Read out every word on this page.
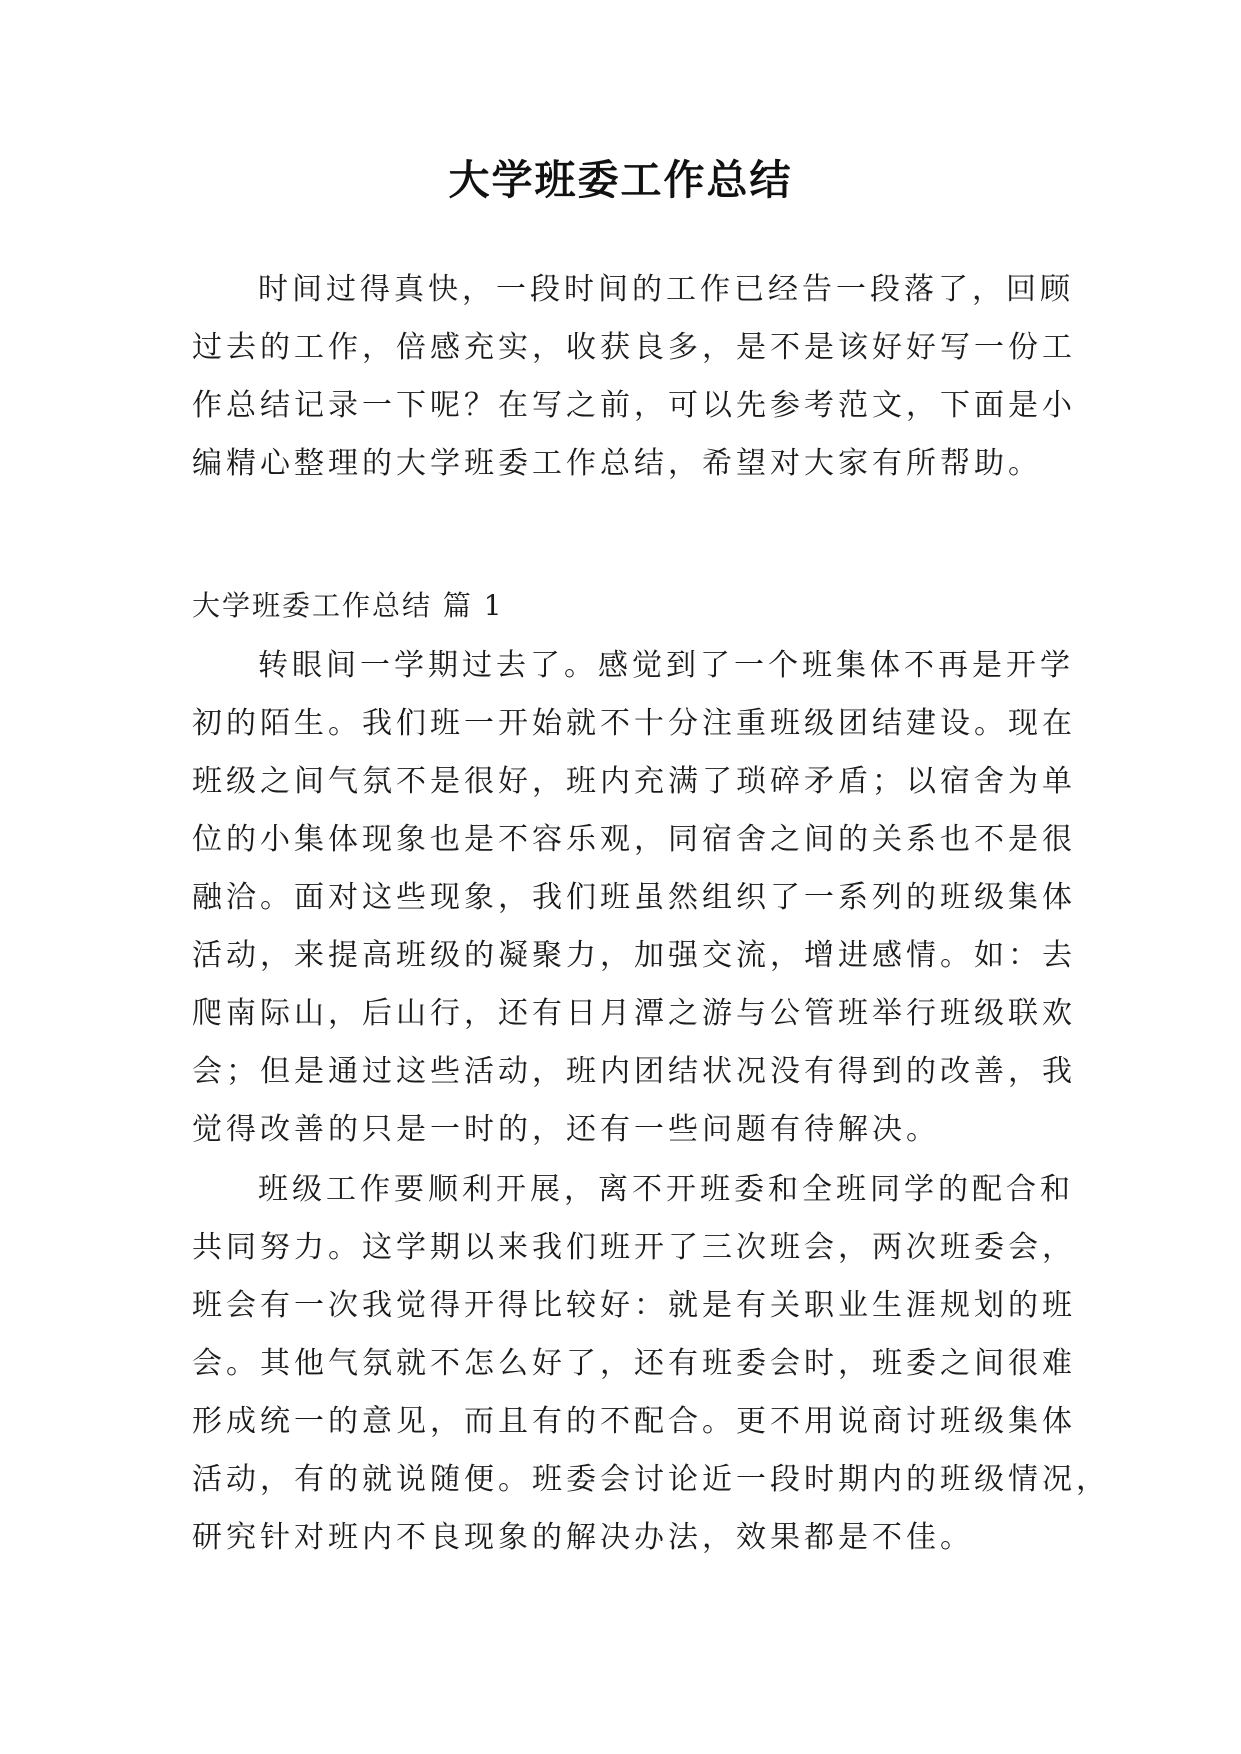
大学班委工作总结
时间过得真快，一段时间的工作已经告一段落了，回顾
过去的工作，倍感充实，收获良多，是不是该好好写一份工
作总结记录一下呢？在写之前，可以先参考范文，下面是小
编精心整理的大学班委工作总结，希望对大家有所帮助。
大学班委工作总结 篇 1
转眼间一学期过去了。感觉到了一个班集体不再是开学
初的陌生。我们班一开始就不十分注重班级团结建设。现在
班级之间气氛不是很好，班内充满了琐碎矛盾；以宿舍为单
位的小集体现象也是不容乐观，同宿舍之间的关系也不是很
融洽。面对这些现象，我们班虽然组织了一系列的班级集体
活动，来提高班级的凝聚力，加强交流，增进感情。如：去
爬南际山，后山行，还有日月潭之游与公管班举行班级联欢
会；但是通过这些活动，班内团结状况没有得到的改善，我
觉得改善的只是一时的，还有一些问题有待解决。
班级工作要顺利开展，离不开班委和全班同学的配合和
共同努力。这学期以来我们班开了三次班会，两次班委会，
班会有一次我觉得开得比较好：就是有关职业生涯规划的班
会。其他气氛就不怎么好了，还有班委会时，班委之间很难
形成统一的意见，而且有的不配合。更不用说商讨班级集体
活动，有的就说随便。班委会讨论近一段时期内的班级情况，
研究针对班内不良现象的解决办法，效果都是不佳。
